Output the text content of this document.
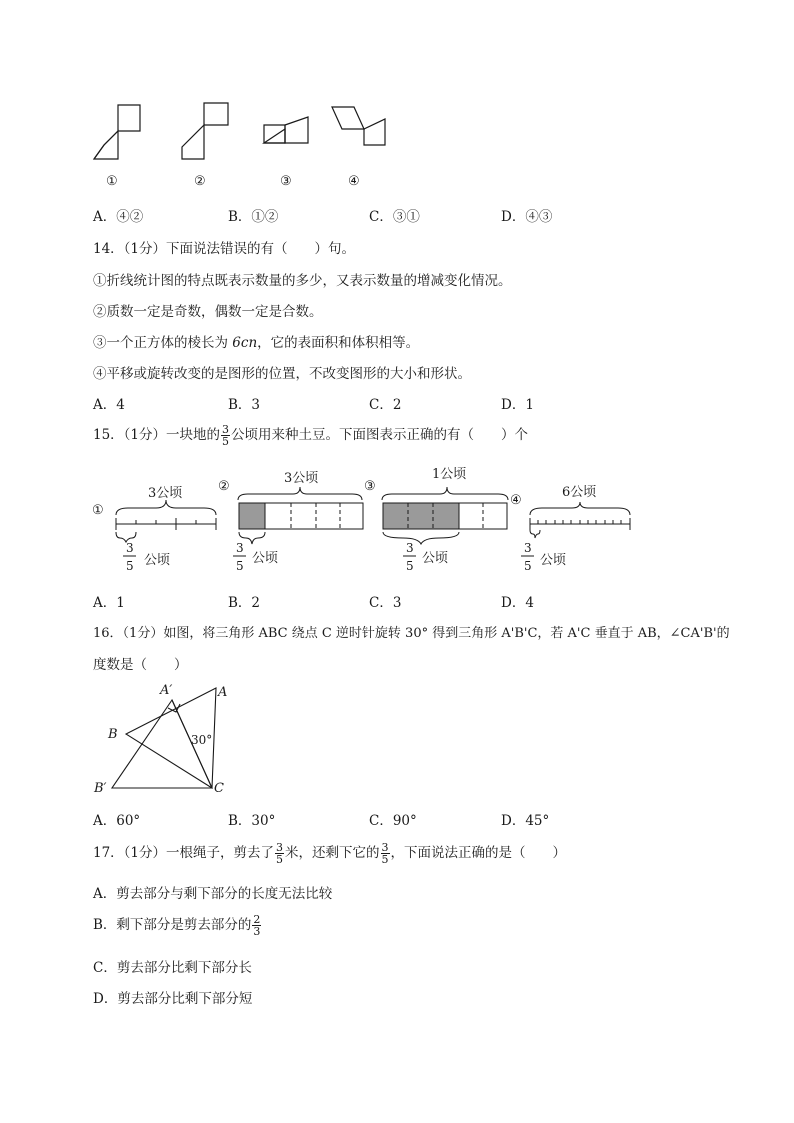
①	②	③	④
A．④②	B．①②	C．③①	D．④③
14．（1分）下面说法错误的有（　　）句。
①折线统计图的特点既表示数量的多少，又表示数量的增减变化情况。
②质数一定是奇数，偶数一定是合数。
③一个正方体的棱长为 6cn，它的表面积和体积相等。
④平移或旋转改变的是图形的位置，不改变图形的大小和形状。
A．4	B．3	C．2	D．1
15．（1分）一块地的 $\frac{3}{5}$ 公顷用来种土豆。下面图表示正确的有（　　）个
①
②	③
④
3公顷
3公顷	1公顷
6公顷
3
5 公顷
3
5 公顷
3
5 公顷
3
5 公顷
A．1	B．2	C．3	D．4
16．（1分）如图，将三角形 ABC 绕点 C 逆时针旋转 30° 得到三角形 A'B'C，若 A'C 垂直于 AB，∠CA'B'的
度数是（　　）
A′	A
B
B′	C
30°
A．60°	B．30°	C．90°	D．45°
17．（1分）一根绳子，剪去了 $\frac{3}{5}$ 米，还剩下它的 $\frac{3}{5}$ ，下面说法正确的是（　　）
A．剪去部分与剩下部分的长度无法比较
B．剩下部分是剪去部分的 $\frac{2}{3}$
C．剪去部分比剩下部分长
D．剪去部分比剩下部分短
